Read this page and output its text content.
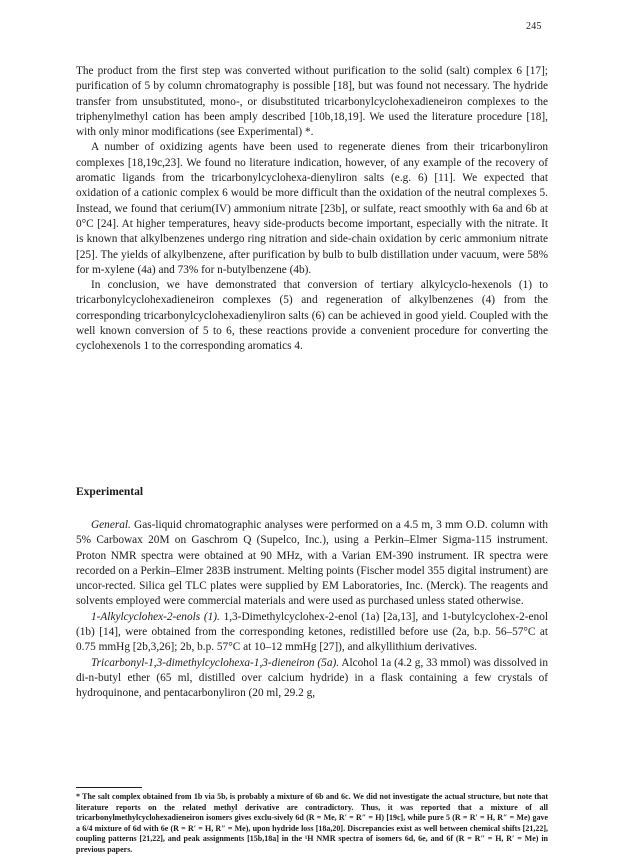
245

The product from the first step was converted without purification to the solid (salt) complex 6 [17]; purification of 5 by column chromatography is possible [18], but was found not necessary. The hydride transfer from unsubstituted, mono-, or disubstituted tricarbonylcyclohexadieneiron complexes to the triphenylmethyl cation has been amply described [10b,18,19]. We used the literature procedure [18], with only minor modifications (see Experimental) *.

A number of oxidizing agents have been used to regenerate dienes from their tricarbonyliron complexes [18,19c,23]. We found no literature indication, however, of any example of the recovery of aromatic ligands from the tricarbonylcyclohexa-dienyliron salts (e.g. 6) [11]. We expected that oxidation of a cationic complex 6 would be more difficult than the oxidation of the neutral complexes 5. Instead, we found that cerium(IV) ammonium nitrate [23b], or sulfate, react smoothly with 6a and 6b at 0°C [24]. At higher temperatures, heavy side-products become important, especially with the nitrate. It is known that alkylbenzenes undergo ring nitration and side-chain oxidation by ceric ammonium nitrate [25]. The yields of alkylbenzene, after purification by bulb to bulb distillation under vacuum, were 58% for m-xylene (4a) and 73% for n-butylbenzene (4b).

In conclusion, we have demonstrated that conversion of tertiary alkylcyclo-hexenols (1) to tricarbonylcyclohexadieneiron complexes (5) and regeneration of alkylbenzenes (4) from the corresponding tricarbonylcyclohexadienyliron salts (6) can be achieved in good yield. Coupled with the well known conversion of 5 to 6, these reactions provide a convenient procedure for converting the cyclohexenols 1 to the corresponding aromatics 4.

Experimental

General. Gas-liquid chromatographic analyses were performed on a 4.5 m, 3 mm O.D. column with 5% Carbowax 20M on Gaschrom Q (Supelco, Inc.), using a Perkin–Elmer Sigma-115 instrument. Proton NMR spectra were obtained at 90 MHz, with a Varian EM-390 instrument. IR spectra were recorded on a Perkin–Elmer 283B instrument. Melting points (Fischer model 355 digital instrument) are uncor-rected. Silica gel TLC plates were supplied by EM Laboratories, Inc. (Merck). The reagents and solvents employed were commercial materials and were used as purchased unless stated otherwise.

1-Alkylcyclohex-2-enols (1). 1,3-Dimethylcyclohex-2-enol (1a) [2a,13], and 1-butylcyclohex-2-enol (1b) [14], were obtained from the corresponding ketones, redistilled before use (2a, b.p. 56–57°C at 0.75 mmHg [2b,3,26]; 2b, b.p. 57°C at 10–12 mmHg [27]), and alkyllithium derivatives.

Tricarbonyl-1,3-dimethylcyclohexa-1,3-dieneiron (5a). Alcohol 1a (4.2 g, 33 mmol) was dissolved in di-n-butyl ether (65 ml, distilled over calcium hydride) in a flask containing a few crystals of hydroquinone, and pentacarbonyliron (20 ml, 29.2 g,

* The salt complex obtained from 1b via 5b, is probably a mixture of 6b and 6c. We did not investigate the actual structure, but note that literature reports on the related methyl derivative are contradictory. Thus, it was reported that a mixture of all tricarbonylmethylcyclohexadieneiron isomers gives exclu-sively 6d (R = Me, R′ = R″ = H) [19c], while pure 5 (R = R′ = H, R″ = Me) gave a 6/4 mixture of 6d with 6e (R = R′ = H, R″ = Me), upon hydride loss [18a,20]. Discrepancies exist as well between chemical shifts [21,22], coupling patterns [21,22], and peak assignments [15b,18a] in the ¹H NMR spectra of isomers 6d, 6e, and 6f (R = R″ = H, R′ = Me) in previous papers.
